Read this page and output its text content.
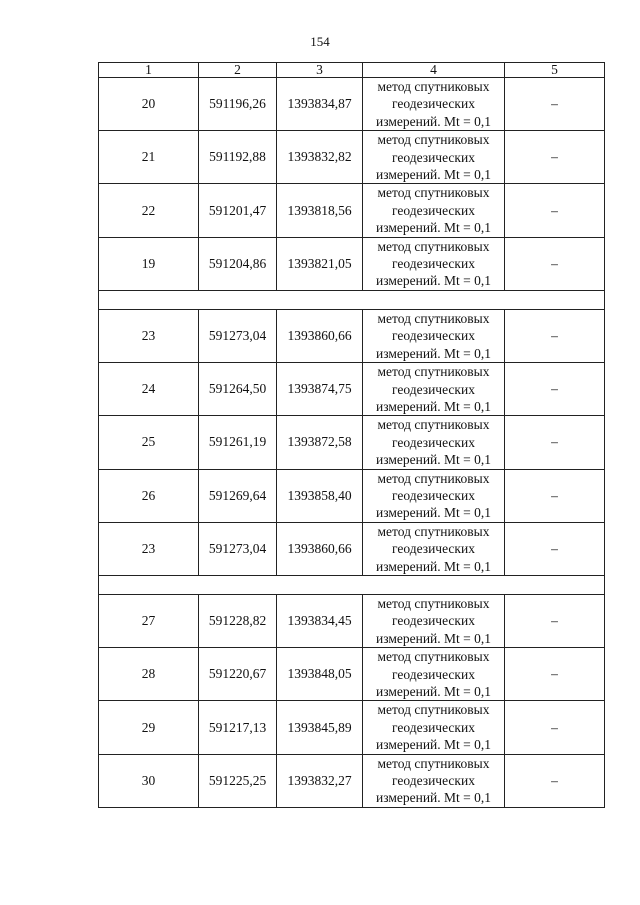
154
1	2	3	4	5
20	591196,26	1393834,87	метод спутниковых
геодезических
измерений. Mt = 0,1	–
21	591192,88	1393832,82	метод спутниковых
геодезических
измерений. Mt = 0,1	–
22	591201,47	1393818,56	метод спутниковых
геодезических
измерений. Mt = 0,1	–
19	591204,86	1393821,05	метод спутниковых
геодезических
измерений. Mt = 0,1	–

23	591273,04	1393860,66	метод спутниковых
геодезических
измерений. Mt = 0,1	–
24	591264,50	1393874,75	метод спутниковых
геодезических
измерений. Mt = 0,1	–
25	591261,19	1393872,58	метод спутниковых
геодезических
измерений. Mt = 0,1	–
26	591269,64	1393858,40	метод спутниковых
геодезических
измерений. Mt = 0,1	–
23	591273,04	1393860,66	метод спутниковых
геодезических
измерений. Mt = 0,1	–

27	591228,82	1393834,45	метод спутниковых
геодезических
измерений. Mt = 0,1	–
28	591220,67	1393848,05	метод спутниковых
геодезических
измерений. Mt = 0,1	–
29	591217,13	1393845,89	метод спутниковых
геодезических
измерений. Mt = 0,1	–
30	591225,25	1393832,27	метод спутниковых
геодезических
измерений. Mt = 0,1	–
